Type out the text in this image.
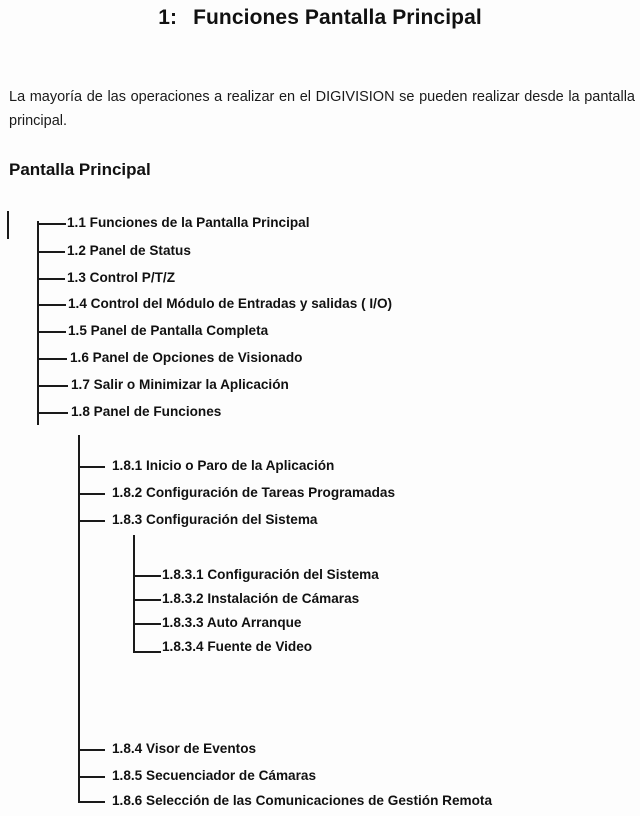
1: Funciones Pantalla Principal
La mayoría de las operaciones a realizar en el DIGIVISION se pueden realizar desde la pantalla principal.
Pantalla Principal
1.1 Funciones de la Pantalla Principal
1.2 Panel de Status
1.3 Control P/T/Z
1.4 Control del Módulo de Entradas y salidas ( I/O)
1.5 Panel de Pantalla Completa
1.6 Panel de Opciones de Visionado
1.7 Salir o Minimizar la Aplicación
1.8 Panel de Funciones
1.8.1 Inicio o Paro de la Aplicación
1.8.2 Configuración de Tareas Programadas
1.8.3 Configuración del Sistema
1.8.3.1 Configuración del Sistema
1.8.3.2 Instalación de Cámaras
1.8.3.3 Auto Arranque
1.8.3.4 Fuente de Video
1.8.4 Visor de Eventos
1.8.5 Secuenciador de Cámaras
1.8.6 Selección de las Comunicaciones de Gestión Remota
